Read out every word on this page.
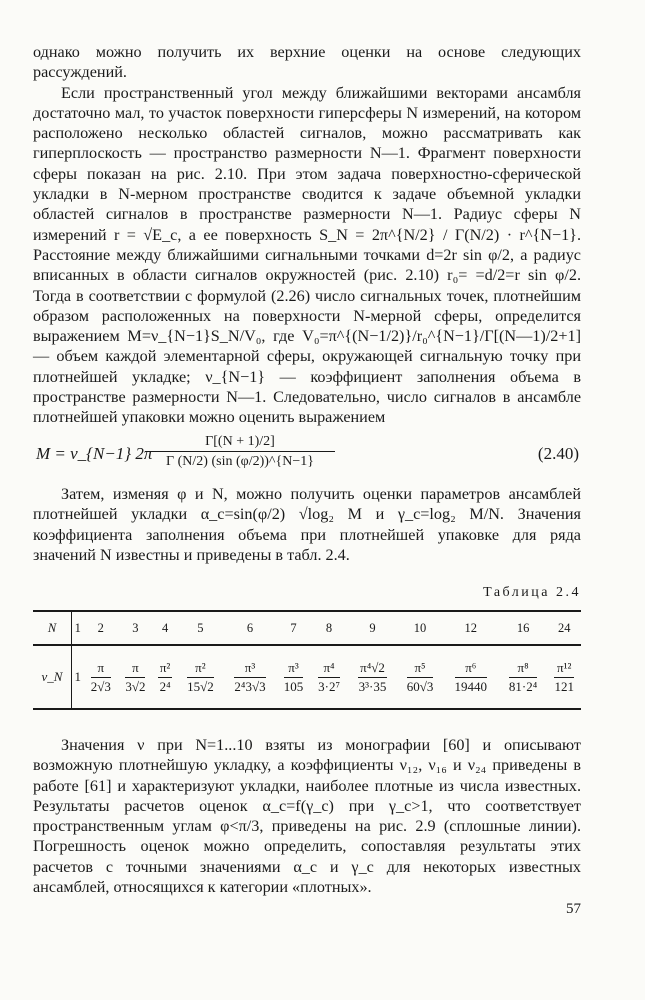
однако можно получить их верхние оценки на основе следующих рассуждений.

Если пространственный угол между ближайшими векторами ансамбля достаточно мал, то участок поверхности гиперсферы N измерений, на котором расположено несколько областей сигналов, можно рассматривать как гиперплоскость — пространство размерности N—1. Фрагмент поверхности сферы показан на рис. 2.10. При этом задача поверхностно-сферической укладки в N-мерном пространстве сводится к задаче объемной укладки областей сигналов в пространстве размерности N—1. Радиус сферы N измерений r = √E_c, а ее поверхность S_N = 2π^{N/2} / Γ(N/2) · r^{N−1}. Расстояние между ближайшими сигнальными точками d=2r sin φ/2, а радиус вписанных в области сигналов окружностей (рис. 2.10) r₀= =d/2=r sin φ/2. Тогда в соответствии с формулой (2.26) число сигнальных точек, плотнейшим образом расположенных на поверхности N-мерной сферы, определится выражением M=ν_{N−1}S_N/V₀, где V₀=π^{(N−1/2)}/r₀^{N−1}/Γ[(N—1)/2+1] — объем каждой элементарной сферы, окружающей сигнальную точку при плотнейшей укладке; ν_{N−1} — коэффициент заполнения объема в пространстве размерности N—1. Следовательно, число сигналов в ансамбле плотнейшей упаковки можно оценить выражением

M = ν_{N−1} 2π
$\frac{\Gamma[(N + 1)/2]}{\Gamma (N/2) (\sin (\varphi/2))\^{}\{N-1\}}$	(2.40)

Затем, изменяя φ и N, можно получить оценки параметров ансамблей плотнейшей укладки α_c=sin(φ/2) √log₂ M и γ_c=log₂ M/N. Значения коэффициента заполнения объема при плотнейшей упаковке для ряда значений N известны и приведены в табл. 2.4.

Таблица 2.4
N	1	2	3	4	5	6	7	8	9	10	12	16	24
ν_N	1	$\frac{\pi}{2√3}$	$\frac{\pi}{3√2}$	$\frac{\text{π²}}{\text{2⁴}}$	$\frac{\text{π²}}{15√2}$	$\frac{\text{π³}}{\text{2⁴3√3}}$	$\frac{\text{π³}}{105}$	$\frac{\text{π⁴}}{\text{3·2⁷}}$	$\frac{\text{π⁴√2}}{\text{3³·35}}$	$\frac{\text{π⁵}}{60√3}$	$\frac{\text{π⁶}}{19440}$	$\frac{\text{π⁸}}{\text{81·2⁴}}$	$\frac{\text{π¹²}}{121}$

Значения ν при N=1...10 взяты из монографии [60] и описывают возможную плотнейшую укладку, а коэффициенты ν₁₂, ν₁₆ и ν₂₄ приведены в работе [61] и характеризуют укладки, наиболее плотные из числа известных. Результаты расчетов оценок α_c=f(γ_c) при γ_c>1, что соответствует пространственным углам φ<π/3, приведены на рис. 2.9 (сплошные линии). Погрешность оценок можно определить, сопоставляя результаты этих расчетов с точными значениями α_c и γ_c для некоторых известных ансамблей, относящихся к категории «плотных».

57
